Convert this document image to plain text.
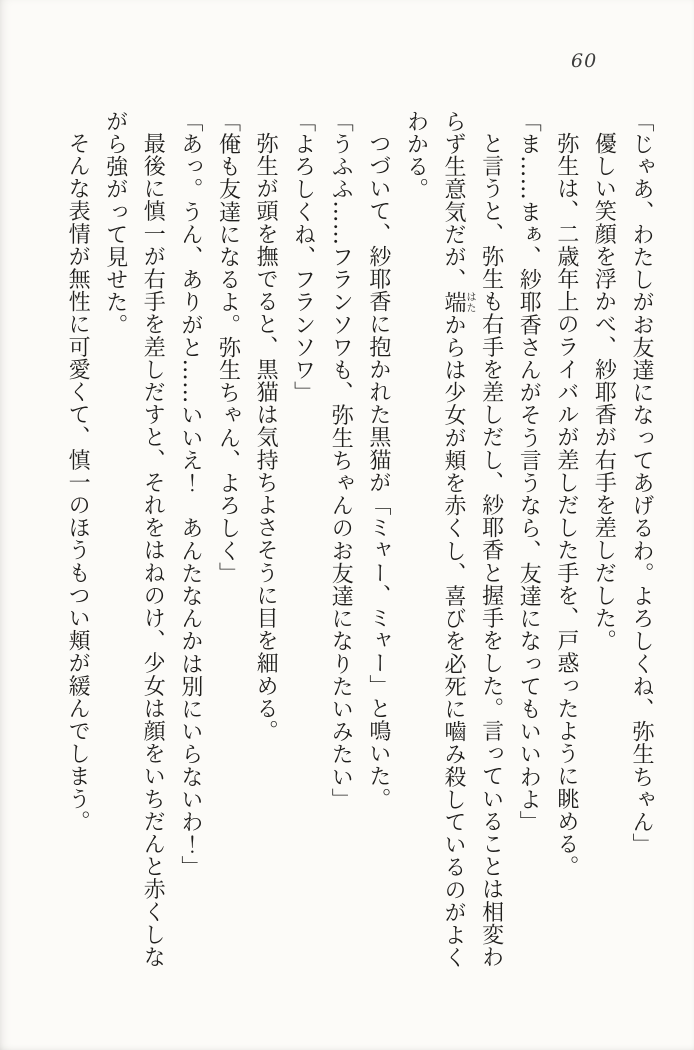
60

「じゃあ、わたしがお友達になってあげるわ。よろしくね、弥生ちゃん」

優しい笑顔を浮かべ、紗耶香が右手を差しだした。

弥生は、二歳年上のライバルが差しだした手を、戸惑ったように眺める。

「ま……まぁ、紗耶香さんがそう言うなら、友達になってもいいわよ」

と言うと、弥生も右手を差しだし、紗耶香と握手をした。言っていることは相変わらず生意気だが、端はたからは少女が頬を赤くし、喜びを必死に嚙み殺しているのがよくわかる。

つづいて、紗耶香に抱かれた黒猫が「ミャー、ミャー」と鳴いた。

「うふふ……フランソワも、弥生ちゃんのお友達になりたいみたい」

「よろしくね、フランソワ」

弥生が頭を撫でると、黒猫は気持ちよさそうに目を細める。

「俺も友達になるよ。弥生ちゃん、よろしく」

「あっ。うん、ありがと……いいえ！　あんたなんかは別にいらないわ！」

最後に慎一が右手を差しだすと、それをはねのけ、少女は顔をいちだんと赤くしながら強がって見せた。

そんな表情が無性に可愛くて、慎一のほうもつい頬が緩んでしまう。
